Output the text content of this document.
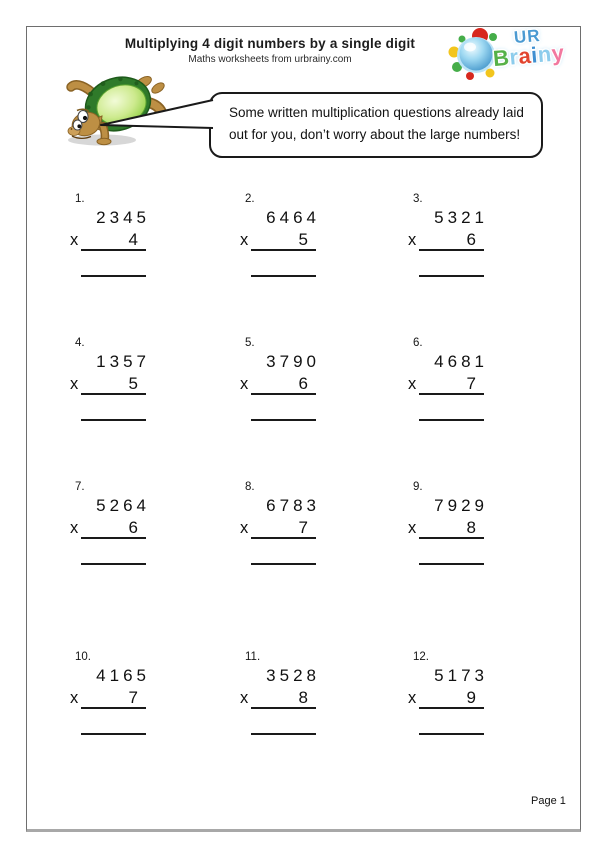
Multiplying 4 digit numbers by a single digit
Maths worksheets from urbrainy.com
UR
Brainy
Some written multiplication questions already laid out for you, don’t worry about the large numbers!
1.
2345
x	4
2.
6464
x	5
3.
5321
x	6
4.
1357
x	5
5.
3790
x	6
6.
4681
x	7
7.
5264
x	6
8.
6783
x	7
9.
7929
x	8
10.
4165
x	7
11.
3528
x	8
12.
5173
x	9
Page 1
